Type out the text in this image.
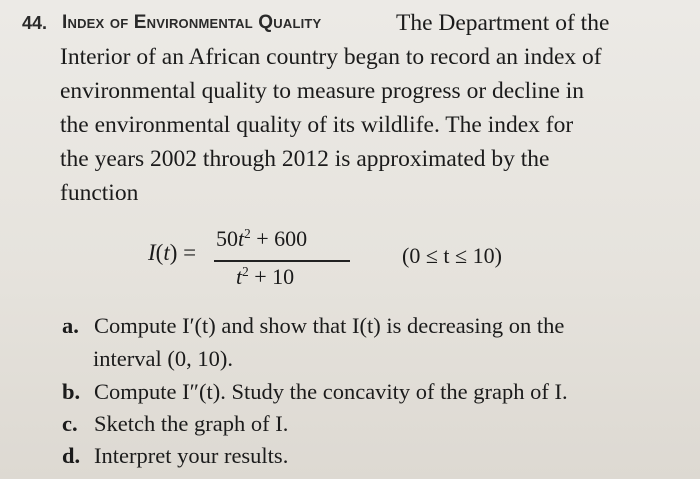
44. Index of Environmental Quality	The Department of the
Interior of an African country began to record an index of
environmental quality to measure progress or decline in
the environmental quality of its wildlife. The index for
the years 2002 through 2012 is approximated by the
function
I(t) =
$50t^2 + 600$
$t^2 + 10$
(0 ≤ t ≤ 10)
a. Compute I′(t) and show that I(t) is decreasing on the
interval (0, 10).
b. Compute I″(t). Study the concavity of the graph of I.
c. Sketch the graph of I.
d. Interpret your results.
